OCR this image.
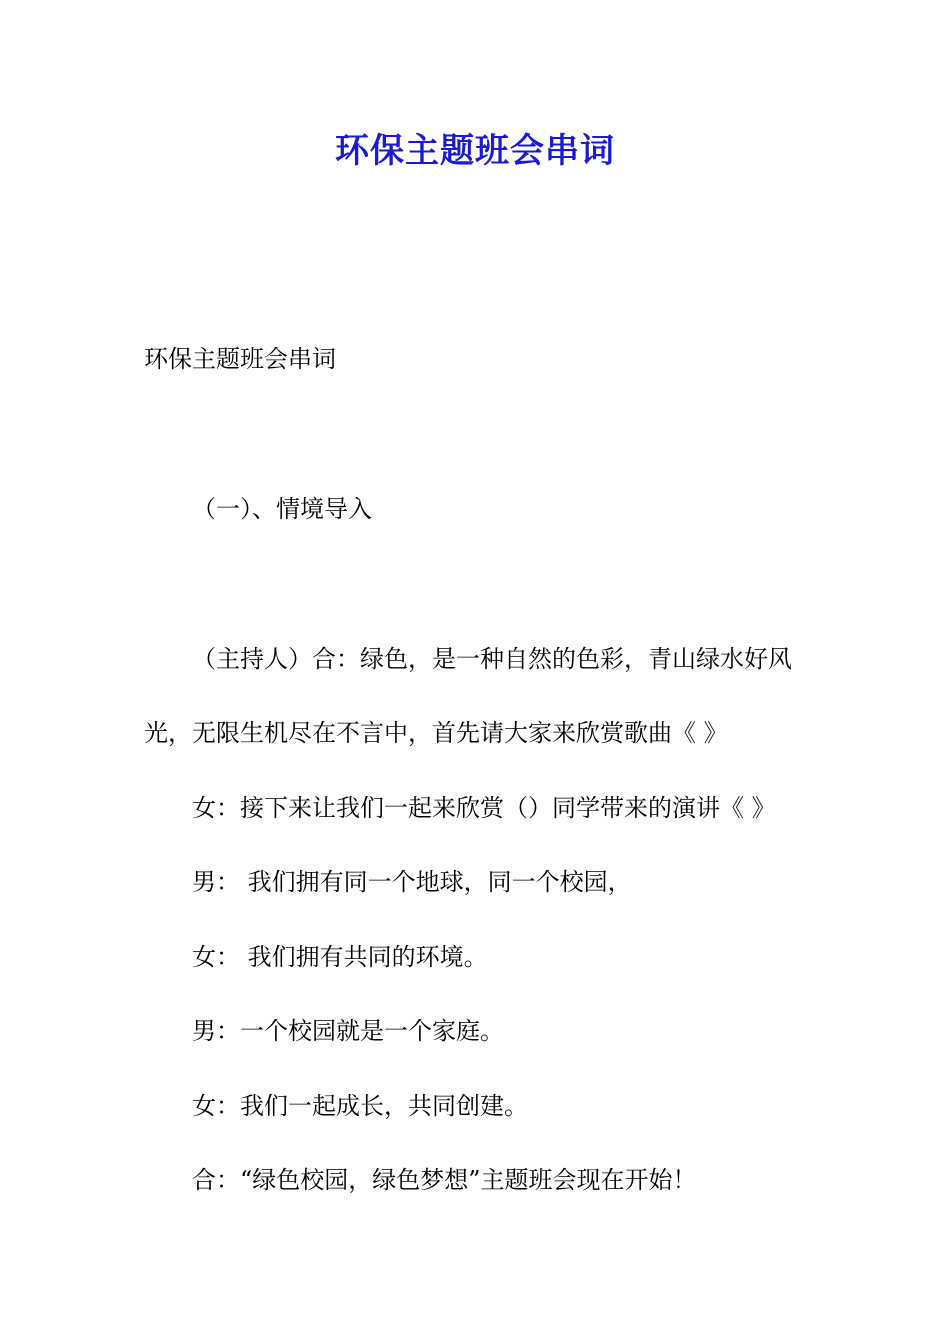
环保主题班会串词
环保主题班会串词
（一）、情境导入
（主持人）合：绿色，是一种自然的色彩，青山绿水好风
光，无限生机尽在不言中，首先请大家来欣赏歌曲《 》
女：接下来让我们一起来欣赏（）同学带来的演讲《 》
男： 我们拥有同一个地球，同一个校园，
女： 我们拥有共同的环境。
男：一个校园就是一个家庭。
女：我们一起成长，共同创建。
合：“绿色校园，绿色梦想”主题班会现在开始！
